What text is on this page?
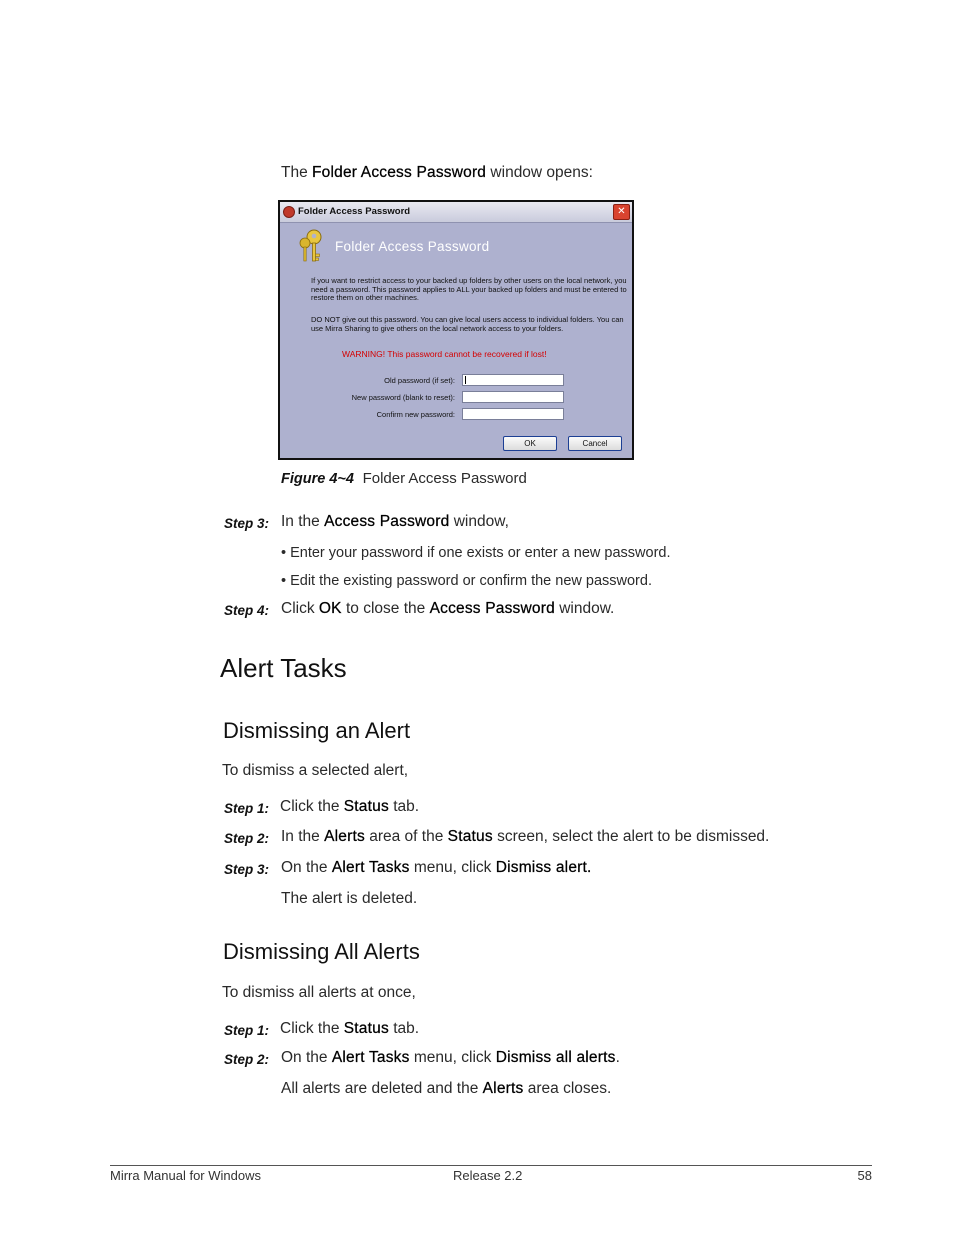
The Folder Access Password window opens:
Folder Access Password	✕
Folder Access Password
If you want to restrict access to your backed up folders by other users on the local network, you need a password. This password applies to ALL your backed up folders and must be entered to restore them on other machines.
DO NOT give out this password. You can give local users access to individual folders. You can use Mirra Sharing to give others on the local network access to your folders.
WARNING! This password cannot be recovered if lost!
Old password (if set):
New password (blank to reset):
Confirm new password:
OK	Cancel
Figure 4~4 Folder Access Password
Step 3: In the Access Password window,
• Enter your password if one exists or enter a new password.
• Edit the existing password or confirm the new password.
Step 4: Click OK to close the Access Password window.
Alert Tasks
Dismissing an Alert
To dismiss a selected alert,
Step 1: Click the Status tab.
Step 2: In the Alerts area of the Status screen, select the alert to be dismissed.
Step 3: On the Alert Tasks menu, click Dismiss alert.
The alert is deleted.
Dismissing All Alerts
To dismiss all alerts at once,
Step 1: Click the Status tab.
Step 2: On the Alert Tasks menu, click Dismiss all alerts.
All alerts are deleted and the Alerts area closes.
Mirra Manual for Windows	Release 2.2	58
